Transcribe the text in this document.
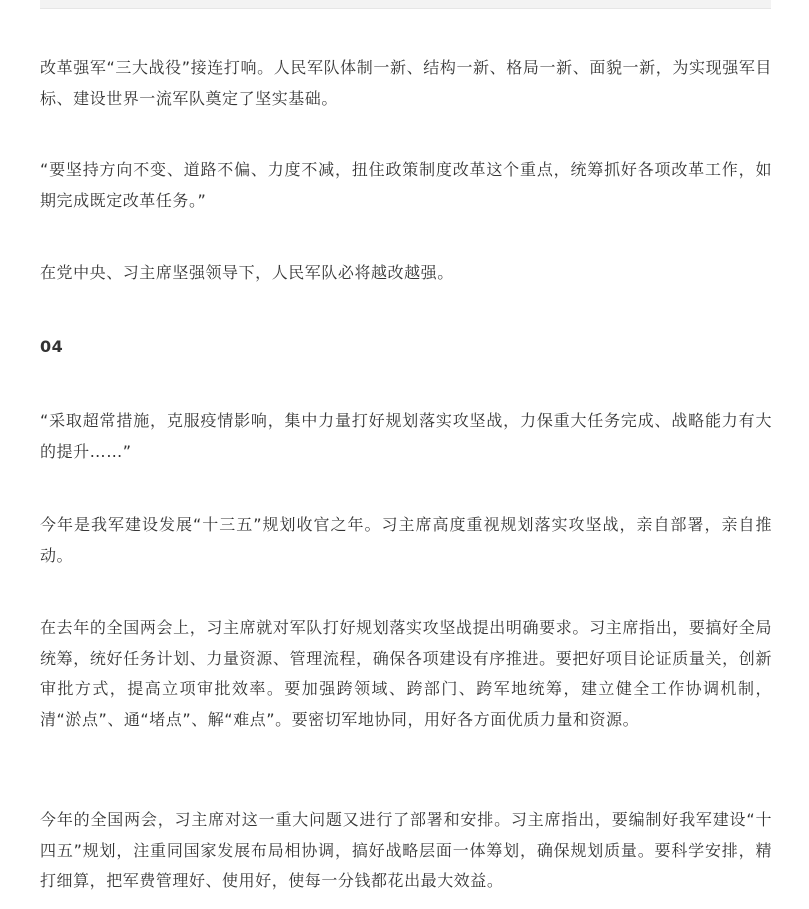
改革强军“三大战役”接连打响。人民军队体制一新、结构一新、格局一新、面貌一新，为实现强军目标、建设世界一流军队奠定了坚实基础。

“要坚持方向不变、道路不偏、力度不减，扭住政策制度改革这个重点，统筹抓好各项改革工作，如期完成既定改革任务。”

在党中央、习主席坚强领导下，人民军队必将越改越强。

04

“采取超常措施，克服疫情影响，集中力量打好规划落实攻坚战，力保重大任务完成、战略能力有大的提升……”

今年是我军建设发展“十三五”规划收官之年。习主席高度重视规划落实攻坚战，亲自部署，亲自推动。

在去年的全国两会上，习主席就对军队打好规划落实攻坚战提出明确要求。习主席指出，要搞好全局统筹，统好任务计划、力量资源、管理流程，确保各项建设有序推进。要把好项目论证质量关，创新审批方式，提高立项审批效率。要加强跨领域、跨部门、跨军地统筹，建立健全工作协调机制，清“淤点”、通“堵点”、解“难点”。要密切军地协同，用好各方面优质力量和资源。

今年的全国两会，习主席对这一重大问题又进行了部署和安排。习主席指出，要编制好我军建设“十四五”规划，注重同国家发展布局相协调，搞好战略层面一体筹划，确保规划质量。要科学安排，精打细算，把军费管理好、使用好，使每一分钱都花出最大效益。
